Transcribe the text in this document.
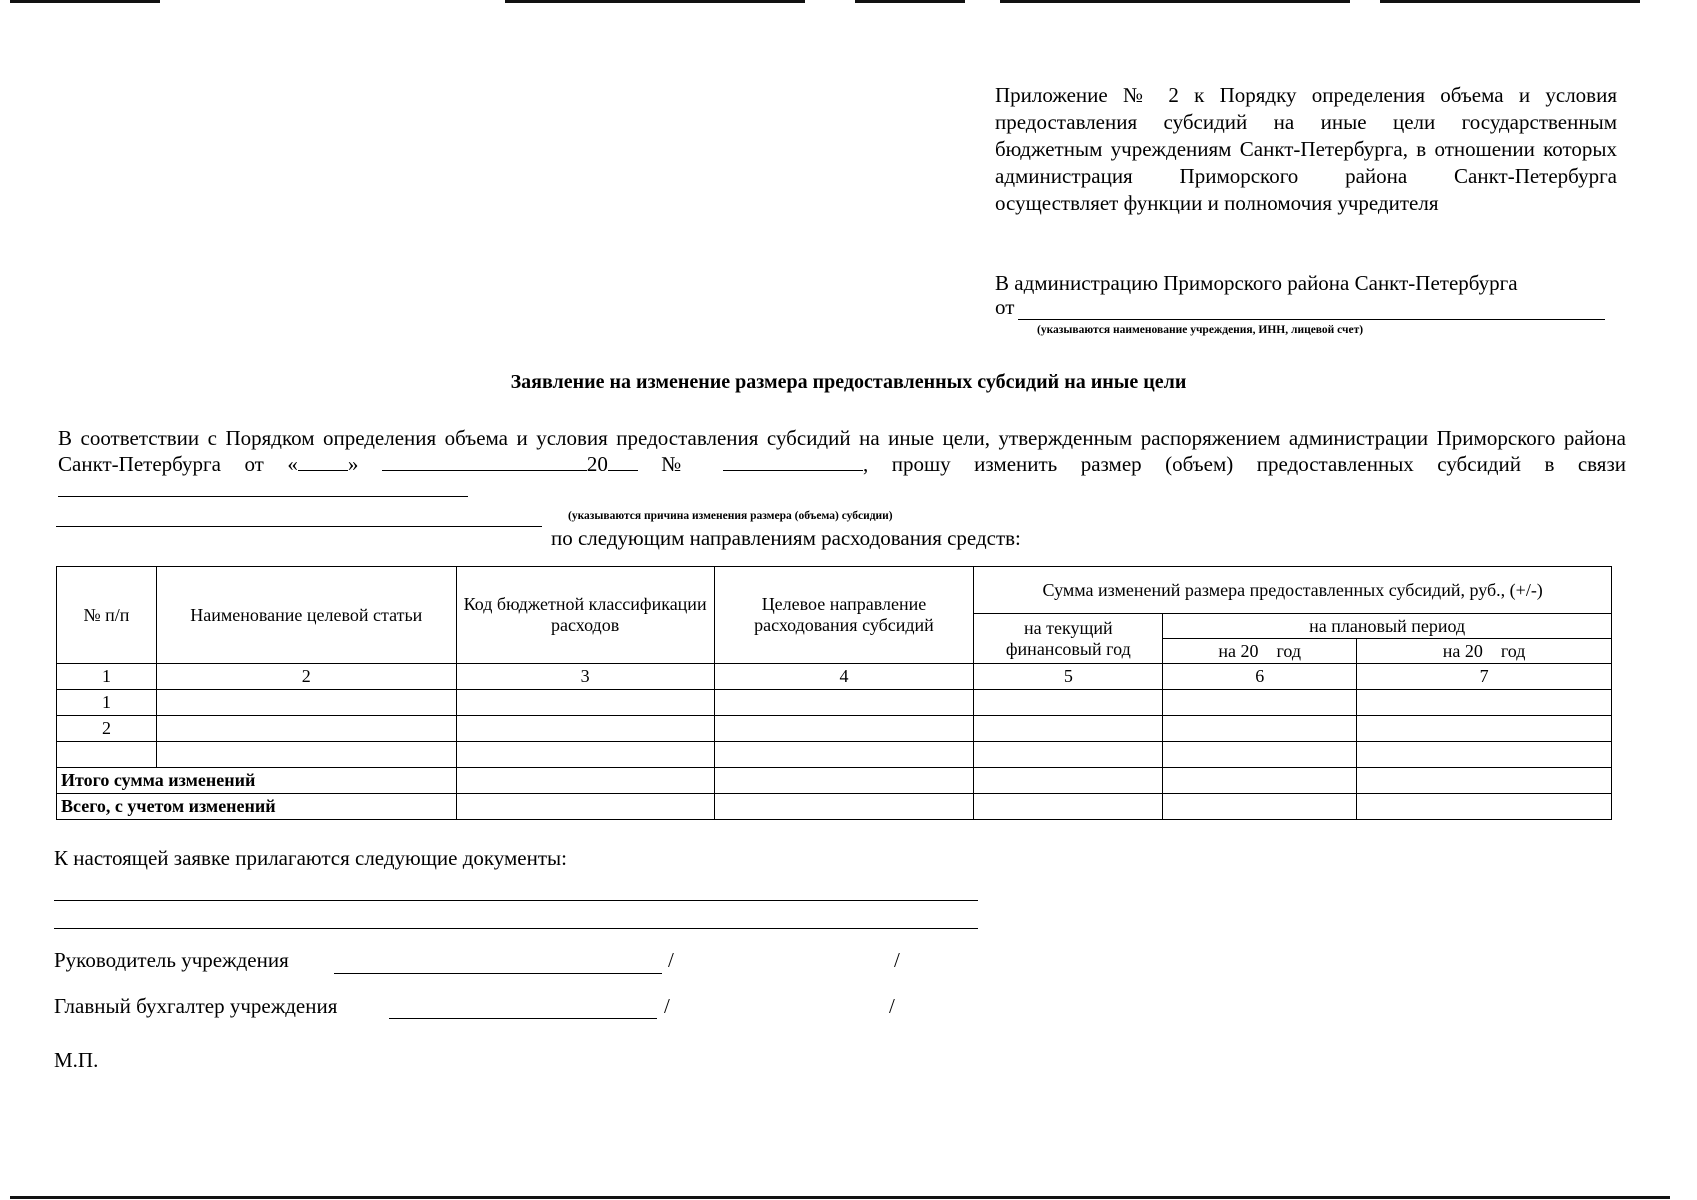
Приложение № 2 к Порядку определения объема и условия предоставления субсидий на иные цели государственным бюджетным учреждениям Санкт-Петербурга, в отношении которых администрация Приморского района Санкт-Петербурга осуществляет функции и полномочия учредителя
В администрацию Приморского района Санкт-Петербурга
от
(указываются наименование учреждения, ИНН, лицевой счет)
Заявление на изменение размера предоставленных субсидий на иные цели
В соответствии с Порядком определения объема и условия предоставления субсидий на иные цели, утвержденным распоряжением администрации Приморского района Санкт-Петербурга от « »	20	№	, прошу изменить размер (объем) предоставленных субсидий в связи
(указываются причина изменения размера (объема) субсидии)
по следующим направлениям расходования средств:
№ п/п	Наименование целевой статьи	Код бюджетной классификации расходов	Целевое направление расходования субсидий	Сумма изменений размера предоставленных субсидий, руб., (+/-)		
				на текущий финансовый год	на плановый период	
					на 20    год	на 20    год
1	2	3	4	5	6	7
1						
2						

Итого сумма изменений						
Всего, с учетом изменений						
К настоящей заявке прилагаются следующие документы:
Руководитель учреждения	/	/
Главный бухгалтер учреждения	/	/
М.П.
